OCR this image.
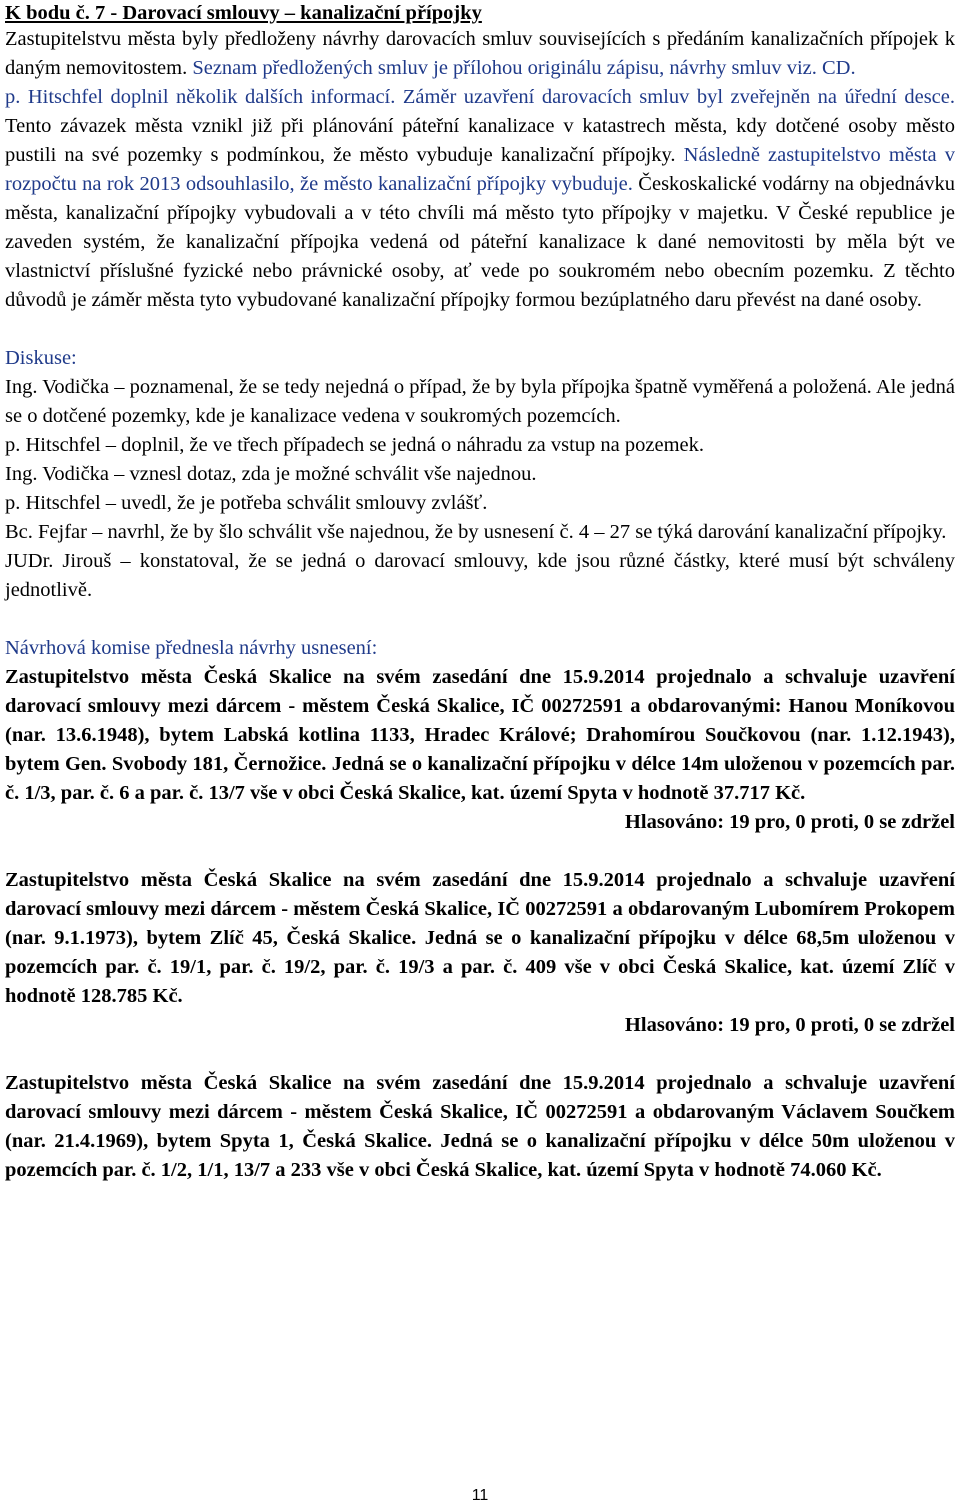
K bodu č. 7 - Darovací smlouvy – kanalizační přípojky

Zastupitelstvu města byly předloženy návrhy darovacích smluv souvisejících s předáním kanalizačních přípojek k daným nemovitostem. Seznam předložených smluv je přílohou originálu zápisu, návrhy smluv viz. CD.
p. Hitschfel doplnil několik dalších informací. Záměr uzavření darovacích smluv byl zveřejněn na úřední desce. Tento závazek města vznikl již při plánování páteřní kanalizace v katastrech města, kdy dotčené osoby město pustili na své pozemky s podmínkou, že město vybuduje kanalizační přípojky. Následně zastupitelstvo města v rozpočtu na rok 2013 odsouhlasilo, že město kanalizační přípojky vybuduje. Českoskalické vodárny na objednávku města, kanalizační přípojky vybudovali a v této chvíli má město tyto přípojky v majetku. V České republice je zaveden systém, že kanalizační přípojka vedená od páteřní kanalizace k dané nemovitosti by měla být ve vlastnictví příslušné fyzické nebo právnické osoby, ať vede po soukromém nebo obecním pozemku. Z těchto důvodů je záměr města tyto vybudované kanalizační přípojky formou bezúplatného daru převést na dané osoby.

Diskuse:

Ing. Vodička – poznamenal, že se tedy nejedná o případ, že by byla přípojka špatně vyměřená a položená. Ale jedná se o dotčené pozemky, kde je kanalizace vedena v soukromých pozemcích.

p. Hitschfel – doplnil, že ve třech případech se jedná o náhradu za vstup na pozemek.

Ing. Vodička – vznesl dotaz, zda je možné schválit vše najednou.

p. Hitschfel – uvedl, že je potřeba schválit smlouvy zvlášť.

Bc. Fejfar – navrhl, že by šlo schválit vše najednou, že by usnesení č. 4 – 27 se týká darování kanalizační přípojky.

JUDr. Jirouš – konstatoval, že se jedná o darovací smlouvy, kde jsou různé částky, které musí být schváleny jednotlivě.

Návrhová komise přednesla návrhy usnesení:

Zastupitelstvo města Česká Skalice na svém zasedání dne 15.9.2014 projednalo a schvaluje uzavření darovací smlouvy mezi dárcem - městem Česká Skalice, IČ 00272591 a obdarovanými: Hanou Moníkovou (nar. 13.6.1948), bytem Labská kotlina 1133, Hradec Králové; Drahomírou Součkovou (nar. 1.12.1943), bytem Gen. Svobody 181, Černožice. Jedná se o kanalizační přípojku v délce 14m uloženou v pozemcích par. č. 1/3, par. č. 6 a par. č. 13/7 vše v obci Česká Skalice, kat. území Spyta v hodnotě 37.717 Kč.

Hlasováno: 19 pro, 0 proti, 0 se zdržel

Zastupitelstvo města Česká Skalice na svém zasedání dne 15.9.2014 projednalo a schvaluje uzavření darovací smlouvy mezi dárcem - městem Česká Skalice, IČ 00272591 a obdarovaným Lubomírem Prokopem (nar. 9.1.1973), bytem Zlíč 45, Česká Skalice. Jedná se o kanalizační přípojku v délce 68,5m uloženou v pozemcích par. č. 19/1, par. č. 19/2, par. č. 19/3 a par. č. 409 vše v obci Česká Skalice, kat. území Zlíč v hodnotě 128.785 Kč.

Hlasováno: 19 pro, 0 proti, 0 se zdržel

Zastupitelstvo města Česká Skalice na svém zasedání dne 15.9.2014 projednalo a schvaluje uzavření darovací smlouvy mezi dárcem - městem Česká Skalice, IČ 00272591 a obdarovaným Václavem Součkem (nar. 21.4.1969), bytem Spyta 1, Česká Skalice. Jedná se o kanalizační přípojku v délce 50m uloženou v pozemcích par. č. 1/2, 1/1, 13/7 a 233 vše v obci Česká Skalice, kat. území Spyta v hodnotě 74.060 Kč.

11
